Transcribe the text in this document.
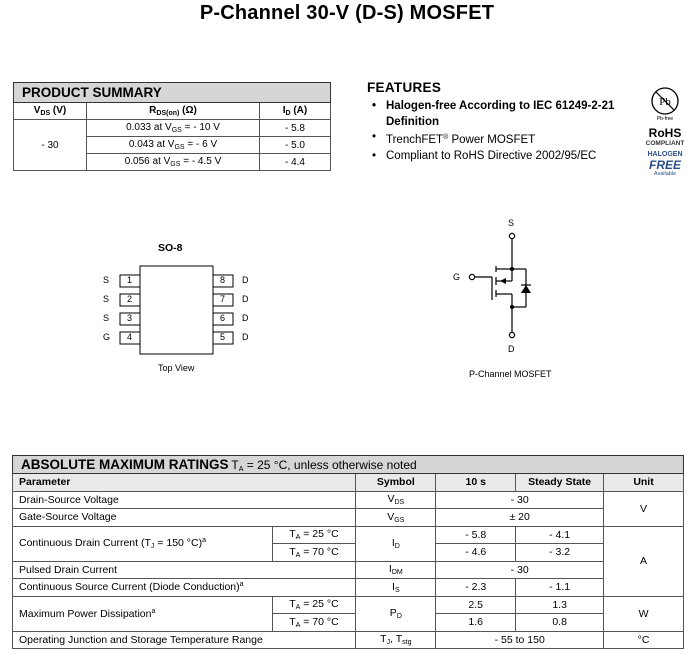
P-Channel 30-V (D-S) MOSFET
PRODUCT SUMMARY		
$V_{DS}$ (V)	$R_{DS(on)}$ (Ω)	$I_D$ (A)
- 30	0.033 at $V_{GS}$ = - 10 V	- 5.8
	0.043 at $V_{GS}$ = - 6 V	- 5.0
	0.056 at $V_{GS}$ = - 4.5 V	- 4.4
FEATURES
• Halogen-free According to IEC 61249-2-21 Definition
• TrenchFET® Power MOSFET
• Compliant to RoHS Directive 2002/95/EC
Pb
Pb-free
RoHS
COMPLIANT
HALOGEN
FREE
Available
SO-8
S 1
S 2
S 3
G 4
8 D
7 D
6 D
5 D
Top View
S
G
D
P-Channel MOSFET
ABSOLUTE MAXIMUM RATINGS $T_A = 25$ °C, unless otherwise noted					
Parameter		Symbol	10 s	Steady State	Unit
Drain-Source Voltage		$V_{DS}$	- 30		V
Gate-Source Voltage		$V_{GS}$	± 20		
Continuous Drain Current ($T_J = 150$ °C)$^a$	$T_A = 25$ °C	$I_D$	- 5.8	- 4.1	A
	$T_A = 70$ °C		- 4.6	- 3.2	
Pulsed Drain Current		$I_{DM}$	- 30		
Continuous Source Current (Diode Conduction)$^a$		$I_S$	- 2.3	- 1.1	
Maximum Power Dissipation$^a$	$T_A = 25$ °C	$P_D$	2.5	1.3	W
	$T_A = 70$ °C		1.6	0.8	
Operating Junction and Storage Temperature Range		$T_J$, $T_{stg}$	- 55 to 150		°C
